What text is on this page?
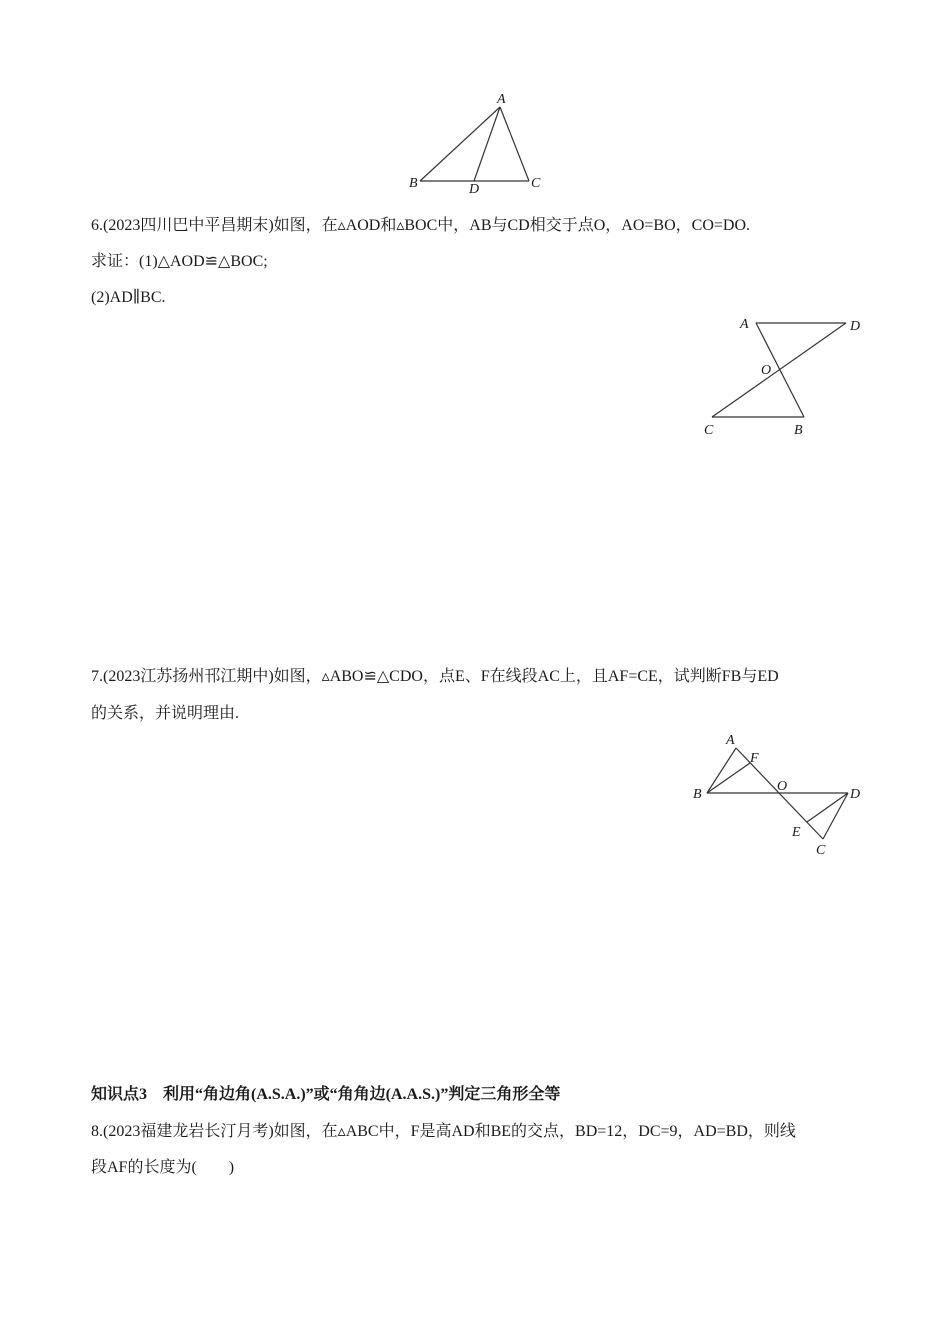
A
B	C
D
6.(2023四川巴中平昌期末)如图，在▵AOD和▵BOC中，AB与CD相交于点O，AO=BO，CO=DO.
求证：(1)△AOD≌△BOC;
(2)AD∥BC.
A	D
O
C	B
7.(2023江苏扬州邗江期中)如图，▵ABO≌△CDO，点E、F在线段AC上，且AF=CE，试判断FB与ED
的关系，并说明理由.
A
F
B
O
D
E
C
知识点3　利用“角边角(A.S.A.)”或“角角边(A.A.S.)”判定三角形全等
8.(2023福建龙岩长汀月考)如图，在▵ABC中，F是高AD和BE的交点，BD=12，DC=9，AD=BD，则线
段AF的长度为(　　)
